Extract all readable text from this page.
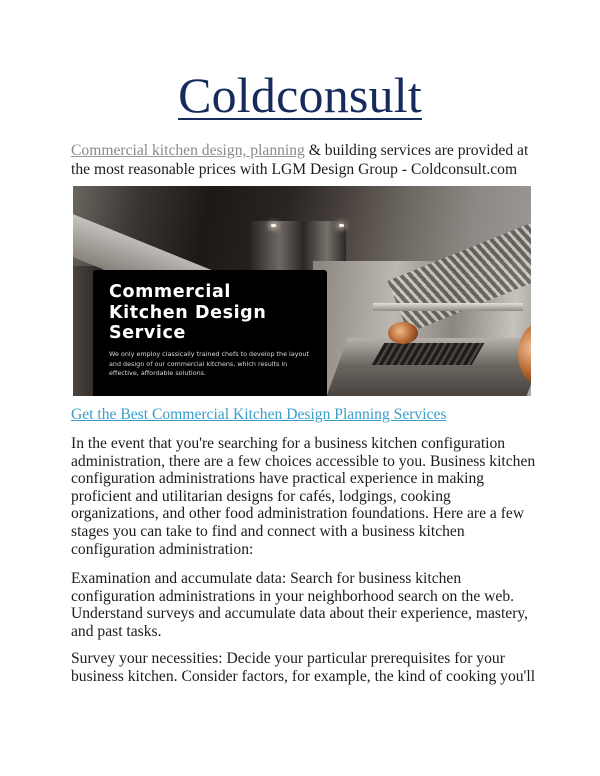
Coldconsult

Commercial kitchen design, planning & building services are provided at the most reasonable prices with LGM Design Group - Coldconsult.com

Commercial
Kitchen Design
Service

We only employ classically trained chefs to develop the layout and design of our commercial kitchens, which results in effective, affordable solutions.

Get the Best Commercial Kitchen Design Planning Services

In the event that you're searching for a business kitchen configuration administration, there are a few choices accessible to you. Business kitchen configuration administrations have practical experience in making proficient and utilitarian designs for cafés, lodgings, cooking organizations, and other food administration foundations. Here are a few stages you can take to find and connect with a business kitchen configuration administration:

Examination and accumulate data: Search for business kitchen configuration administrations in your neighborhood search on the web. Understand surveys and accumulate data about their experience, mastery, and past tasks.

Survey your necessities: Decide your particular prerequisites for your business kitchen. Consider factors, for example, the kind of cooking you'll
